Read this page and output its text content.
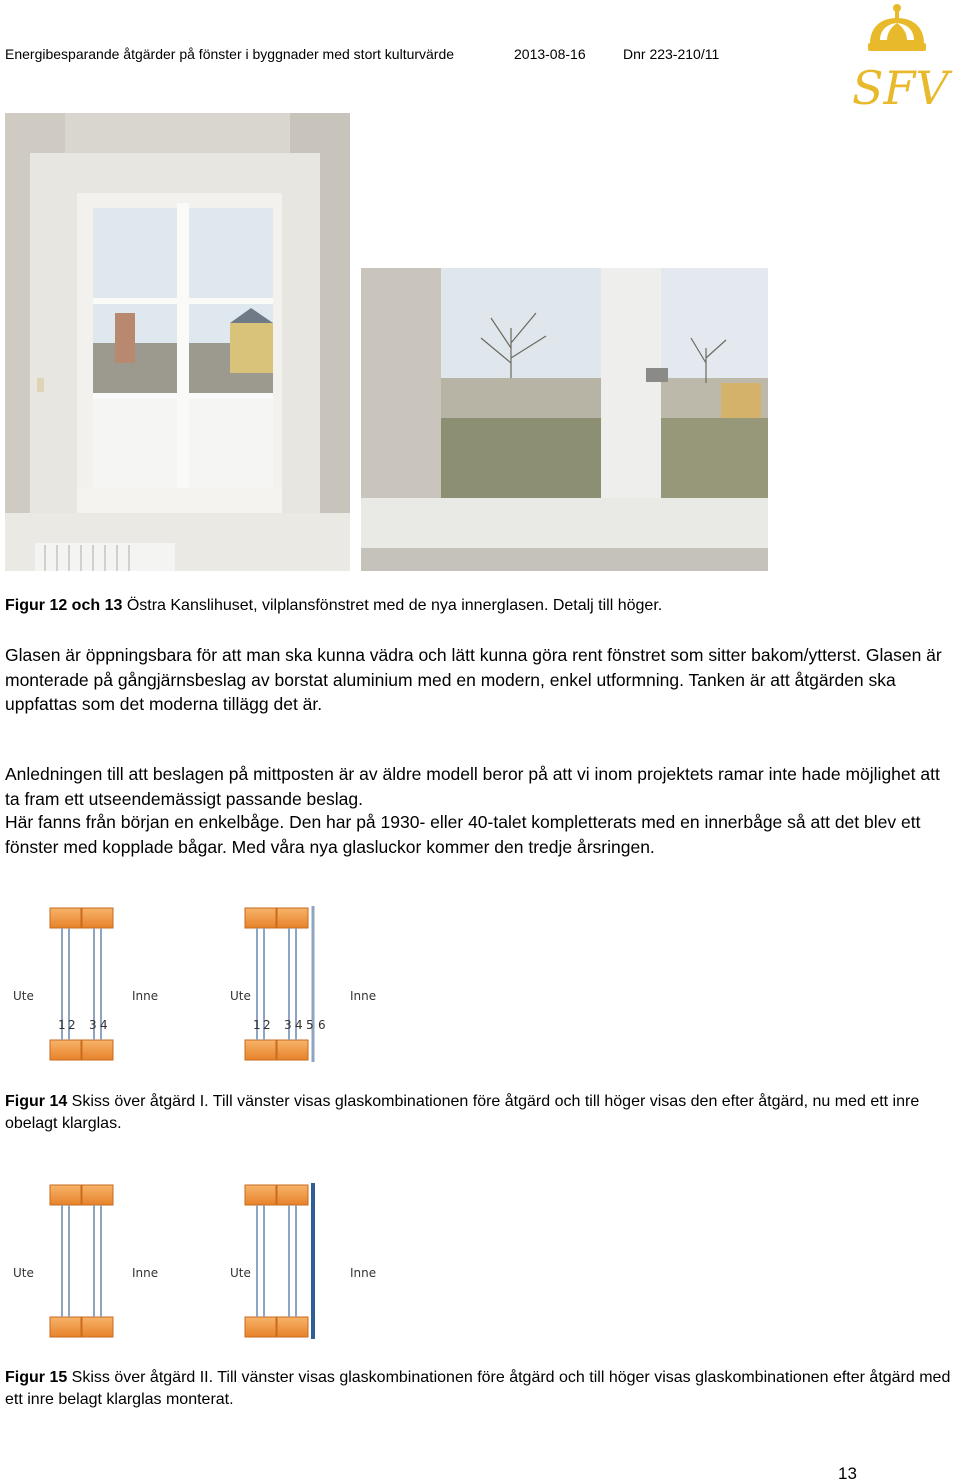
Energibesparande åtgärder på fönster i byggnader med stort kulturvärde	2013-08-16	Dnr 223-210/11
SFV
Figur 12 och 13 Östra Kanslihuset, vilplansfönstret med de nya innerglasen. Detalj till höger.
Glasen är öppningsbara för att man ska kunna vädra och lätt kunna göra rent fönstret som sitter bakom/ytterst. Glasen är monterade på gångjärnsbeslag av borstat aluminium med en modern, enkel utformning. Tanken är att åtgärden ska uppfattas som det moderna tillägg det är.
Anledningen till att beslagen på mittposten är av äldre modell beror på att vi inom projektets ramar inte hade möjlighet att ta fram ett utseendemässigt passande beslag.
Här fanns från början en enkelbåge. Den har på 1930- eller 40-talet kompletterats med en innerbåge så att det blev ett fönster med kopplade bågar. Med våra nya glasluckor kommer den tredje årsringen.
Ute	Inne
1 2 3 4
Ute	Inne
1 2 3 4 5 6
Figur 14 Skiss över åtgärd I. Till vänster visas glaskombinationen före åtgärd och till höger visas den efter åtgärd, nu med ett inre obelagt klarglas.
Ute	Inne	Ute	Inne
Figur 15 Skiss över åtgärd II. Till vänster visas glaskombinationen före åtgärd och till höger visas glaskombinationen efter åtgärd med ett inre belagt klarglas monterat.
13
